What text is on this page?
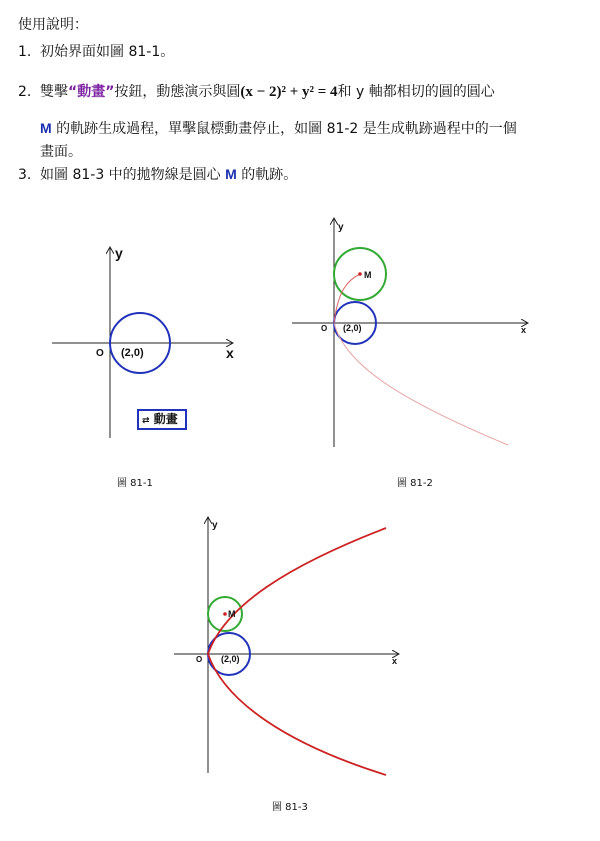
使用說明：
1. 初始界面如圖 81-1。
2. 雙擊“動畫”按鈕，動態演示與圓(x − 2)² + y² = 4和 y 軸都相切的圓的圓心
M 的軌跡生成過程，單擊鼠標動畫停止，如圖 81-2 是生成軌跡過程中的一個
畫面。
3. 如圖 81-3 中的拋物線是圓心 M 的軌跡。
O	x
y
(2,0)
⇄ 動畫
圖 81-1
M
O	x
y
(2,0)
圖 81-2
M
O	x
y
(2,0)
圖 81-3
